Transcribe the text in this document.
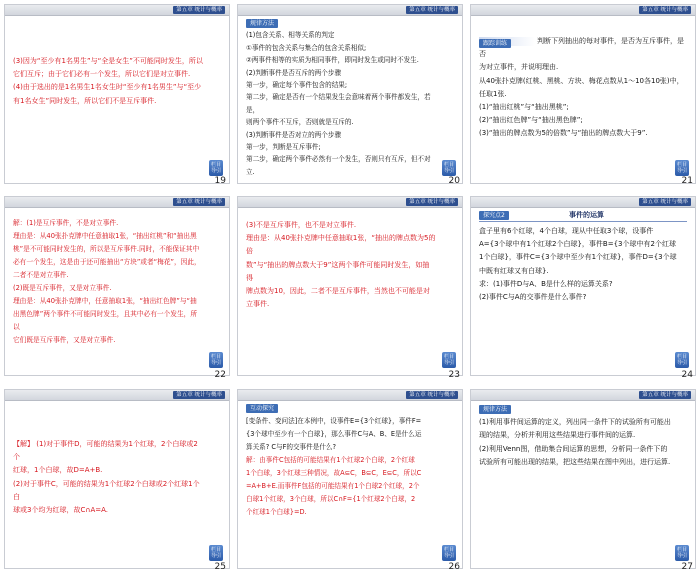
第五章 统计与概率

(3)因为“至少有1名男生”与“全是女生”不可能同时发生，所以

它们互斥；由于它们必有一个发生，所以它们是对立事件.

(4)由于选出的是1名男生1名女生时“至少有1名男生”与“至少

有1名女生”同时发生，所以它们不是互斥事件.

栏目导引
19
第五章 统计与概率

规律方法

(1)包含关系、相等关系的判定

①事件的包含关系与集合的包含关系相似;

②两事件相等的实质为相同事件，即同时发生或同时不发生.

(2)判断事件是否互斥的两个步骤

第一步，确定每个事件包含的结果;

第二步，确定是否有一个结果发生会意味着两个事件都发生，若是，

则两个事件不互斥，否则就是互斥的.

(3)判断事件是否对立的两个步骤

第一步，判断是互斥事件;

第二步，确定两个事件必然有一个发生，否则只有互斥，但不对立.

栏目导引
20
第五章 统计与概率

跟踪训练	判断下列抽出的每对事件，是否为互斥事件，是否

为对立事件，并说明理由.

从40张扑克牌(红桃、黑桃、方块、梅花点数从1～10各10张)中，

任取1张.

(1)“抽出红桃”与“抽出黑桃”;

(2)“抽出红色牌”与“抽出黑色牌”;

(3)“抽出的牌点数为5的倍数”与“抽出的牌点数大于9”.

栏目导引
21
第五章 统计与概率

解：(1)是互斥事件，不是对立事件.

理由是：从40张扑克牌中任意抽取1张，“抽出红桃”和“抽出黑

桃”是不可能同时发生的，所以是互斥事件.同时，不能保证其中

必有一个发生，这是由于还可能抽出“方块”或者“梅花”，因此，

二者不是对立事件.

(2)既是互斥事件，又是对立事件.

理由是：从40张扑克牌中，任意抽取1张，“抽出红色牌”与“抽

出黑色牌”两个事件不可能同时发生，且其中必有一个发生，所以

它们既是互斥事件，又是对立事件.

栏目导引
22
第五章 统计与概率

(3)不是互斥事件，也不是对立事件.

理由是：从40张扑克牌中任意抽取1张，“抽出的牌点数为5的倍

数”与“抽出的牌点数大于9”这两个事件可能同时发生，如抽得

牌点数为10，因此，二者不是互斥事件，当然也不可能是对立事件.

栏目导引
23
第五章 统计与概率
探究点2	事件的运算

盒子里有6个红球，4个白球，现从中任取3个球，设事件

A={3个球中有1个红球2个白球}，事件B={3个球中有2个红球

1个白球}，事件C={3个球中至少有1个红球}，事件D={3个球

中既有红球又有白球}.

求：(1)事件D与A、B是什么样的运算关系?

(2)事件C与A的交事件是什么事件?

栏目导引
24
第五章 统计与概率

【解】 (1)对于事件D，可能的结果为1个红球，2个白球或2个

红球，1个白球，故D=A+B.

(2)对于事件C，可能的结果为1个红球2个白球或2个红球1个白

球或3个均为红球，故C∩A=A.

栏目导引
25
第五章 统计与概率

互动探究

[变条件、变问法]在本例中，设事件E={3个红球}，事件F=

{3个球中至少有一个白球}，那么事件C与A、B、E是什么运

算关系? C与F的交事件是什么?

解：由事件C包括的可能结果有1个红球2个白球，2个红球

1个白球，3个红球三种情况，故A⊆C，B⊆C，E⊆C，所以C

=A+B+E.而事件F包括的可能结果有1个白球2个红球，2个

白球1个红球，3个白球，所以C∩F={1个红球2个白球，2

个红球1个白球}=D.

栏目导引
26
第五章 统计与概率

规律方法

(1)利用事件间运算的定义，列出同一条件下的试验所有可能出

现的结果，分析并利用这些结果进行事件间的运算.

(2)利用Venn图，借助集合间运算的思想，分析同一条件下的

试验所有可能出现的结果，把这些结果在图中列出，进行运算.

栏目导引
27
